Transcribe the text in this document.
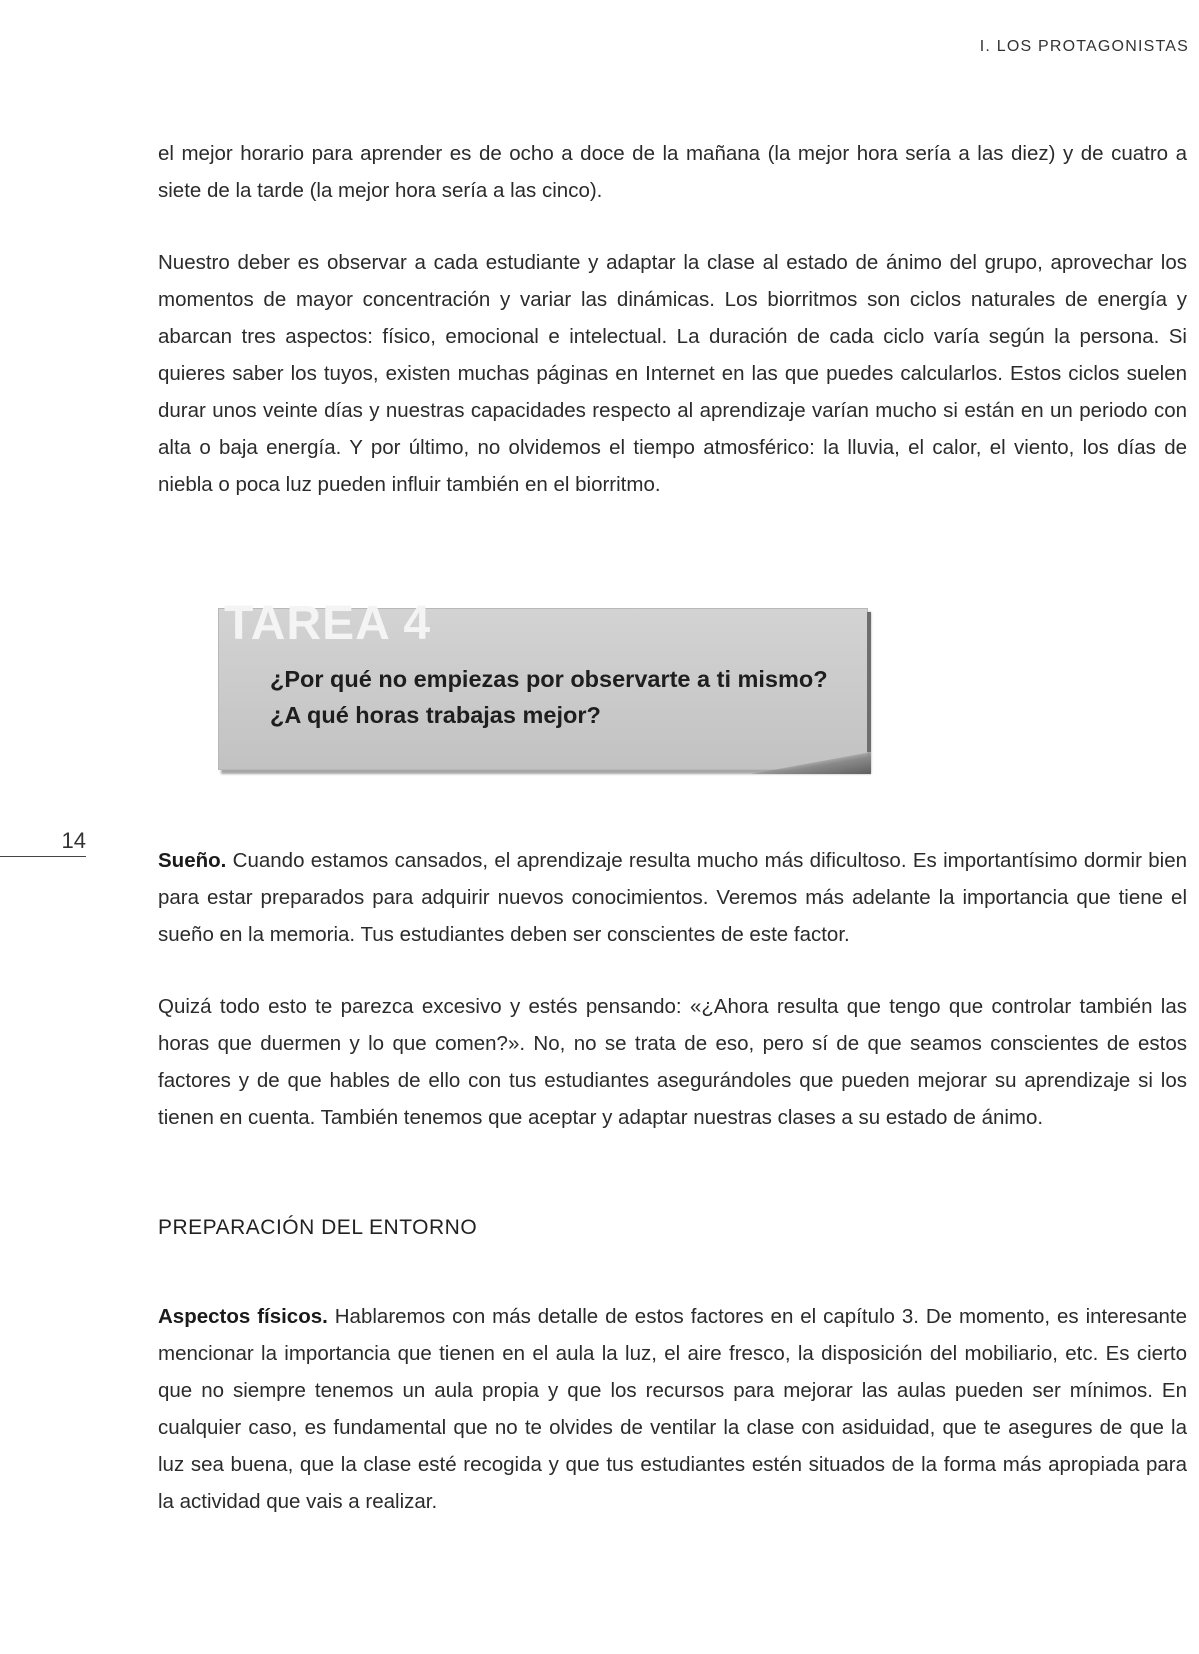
I. LOS PROTAGONISTAS

el mejor horario para aprender es de ocho a doce de la mañana (la mejor hora sería a las diez) y de cuatro a siete de la tarde (la mejor hora sería a las cinco).

Nuestro deber es observar a cada estudiante y adaptar la clase al estado de ánimo del grupo, aprovechar los momentos de mayor concentración y variar las dinámicas. Los biorritmos son ciclos naturales de energía y abarcan tres aspectos: físico, emocional e intelectual. La duración de cada ciclo varía según la persona. Si quieres saber los tuyos, existen muchas páginas en Internet en las que puedes calcularlos. Estos ciclos suelen durar unos veinte días y nuestras capacidades respecto al aprendizaje varían mucho si están en un periodo con alta o baja energía. Y por último, no olvidemos el tiempo atmosférico: la lluvia, el calor, el viento, los días de niebla o poca luz pueden influir también en el biorritmo.

TAREA 4
¿Por qué no empiezas por observarte a ti mismo?
¿A qué horas trabajas mejor?
14

Sueño. Cuando estamos cansados, el aprendizaje resulta mucho más dificultoso. Es importantísimo dormir bien para estar preparados para adquirir nuevos conocimientos. Veremos más adelante la importancia que tiene el sueño en la memoria. Tus estudiantes deben ser conscientes de este factor.

Quizá todo esto te parezca excesivo y estés pensando: «¿Ahora resulta que tengo que controlar también las horas que duermen y lo que comen?». No, no se trata de eso, pero sí de que seamos conscientes de estos factores y de que hables de ello con tus estudiantes asegurándoles que pueden mejorar su aprendizaje si los tienen en cuenta. También tenemos que aceptar y adaptar nuestras clases a su estado de ánimo.

PREPARACIÓN DEL ENTORNO

Aspectos físicos. Hablaremos con más detalle de estos factores en el capítulo 3. De momento, es interesante mencionar la importancia que tienen en el aula la luz, el aire fresco, la disposición del mobiliario, etc. Es cierto que no siempre tenemos un aula propia y que los recursos para mejorar las aulas pueden ser mínimos. En cualquier caso, es fundamental que no te olvides de ventilar la clase con asiduidad, que te asegures de que la luz sea buena, que la clase esté recogida y que tus estudiantes estén situados de la forma más apropiada para la actividad que vais a realizar.
